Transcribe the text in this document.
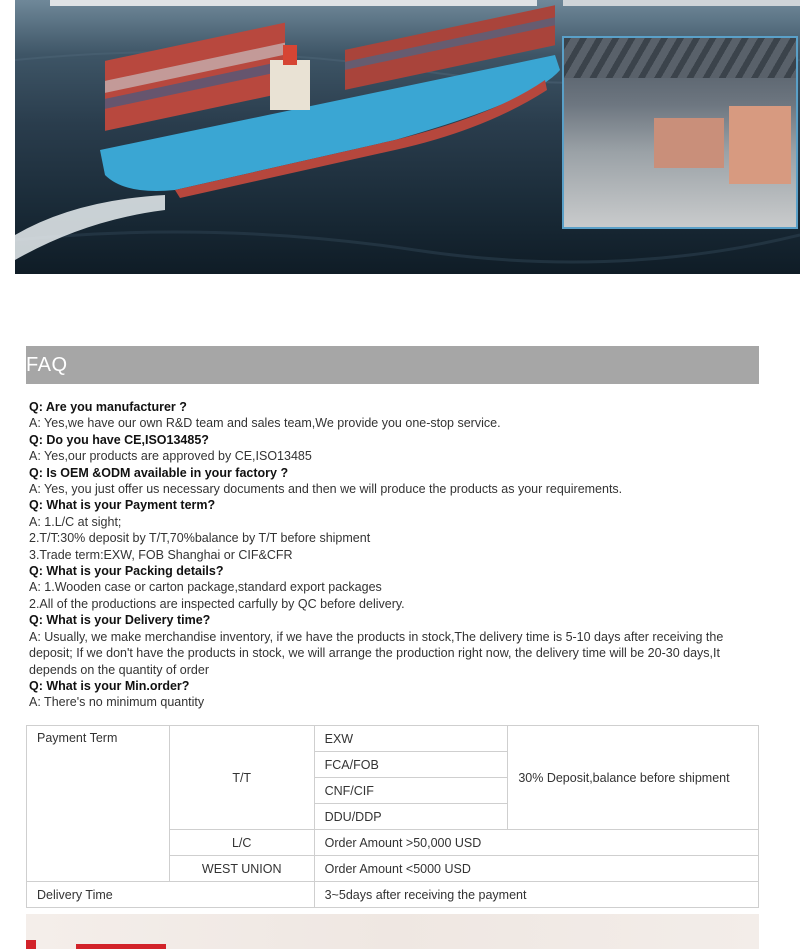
FAQ
Q: Are you manufacturer ?
A: Yes,we have our own R&D team and sales team,We provide you one-stop service.
Q: Do you have CE,ISO13485?
A: Yes,our products are approved by CE,ISO13485
Q: Is OEM &ODM available in your factory ?
A: Yes, you just offer us necessary documents and then we will produce the products as your requirements.
Q: What is your Payment term?
A: 1.L/C at sight;
2.T/T:30% deposit by T/T,70%balance by T/T before shipment
3.Trade term:EXW, FOB Shanghai or CIF&CFR
Q: What is your Packing details?
A: 1.Wooden case or carton package,standard export packages
2.All of the productions are inspected carfully by QC before delivery.
Q: What is your Delivery time?
A: Usually, we make merchandise inventory, if we have the products in stock,The delivery time is 5-10 days after receiving the deposit; If we don't have the products in stock, we will arrange the production right now, the delivery time will be 20-30 days,It depends on the quantity of order
Q: What is your Min.order?
A: There's no minimum quantity
Payment Term	T/T	EXW	30% Deposit,balance before shipment
		FCA/FOB	
		CNF/CIF	
		DDU/DDP	
	L/C	Order Amount >50,000 USD	
	WEST UNION	Order Amount <5000 USD	
Delivery Time		3~5days after receiving the payment	
